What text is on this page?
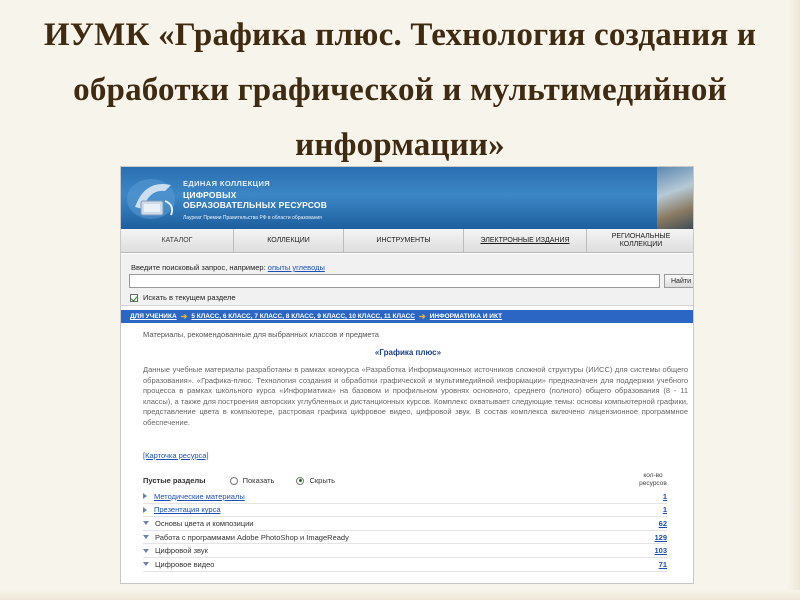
ИУМК «Графика плюс. Технология создания и обработки графической и мультимедийной информации»
ЕДИНАЯ КОЛЛЕКЦИЯ
ЦИФРОВЫХ
ОБРАЗОВАТЕЛЬНЫХ РЕСУРСОВ
Лауреат Премии Правительства РФ в области образования
КАТАЛОГ	КОЛЛЕКЦИИ	ИНСТРУМЕНТЫ	ЭЛЕКТРОННЫЕ ИЗДАНИЯ
РЕГИОНАЛЬНЫЕ КОЛЛЕКЦИИ
Введите поисковый запрос, например: опыты углеводы
Найти
Искать в текущем разделе
ДЛЯ УЧЕНИКА ➔ 5 КЛАСС, 6 КЛАСС, 7 КЛАСС, 8 КЛАСС, 9 КЛАСС, 10 КЛАСС, 11 КЛАСС ➔ ИНФОРМАТИКА И ИКТ
Материалы, рекомендованные для выбранных классов и предмета
«Графика плюс»
Данные учебные материалы разработаны в рамках конкурса «Разработка Информационных источников сложной структуры (ИИСС) для системы общего образования». «Графика-плюс. Технология создания и обработки графической и мультимедийной информации» предназначен для поддержки учебного процесса в рамках школьного курса «Информатика» на базовом и профильном уровнях основного, среднего (полного) общего образования (8 - 11 классы), а также для построения авторских углубленных и дистанционных курсов. Комплекс охватывает следующие темы: основы компьютерной графики, представление цвета в компьютере, растровая графика цифровое видео, цифровой звук. В состав комплекса включено лицензионное программное обеспечение.
[Карточка ресурса]
Пустые разделы	Показать	Скрыть
кол-во ресурсов
Методические материалы	1
Презентация курса	1
Основы цвета и композиции	62
Работа с программами Adobe PhotoShop и ImageReady	129
Цифровой звук	103
Цифровое видео	71
